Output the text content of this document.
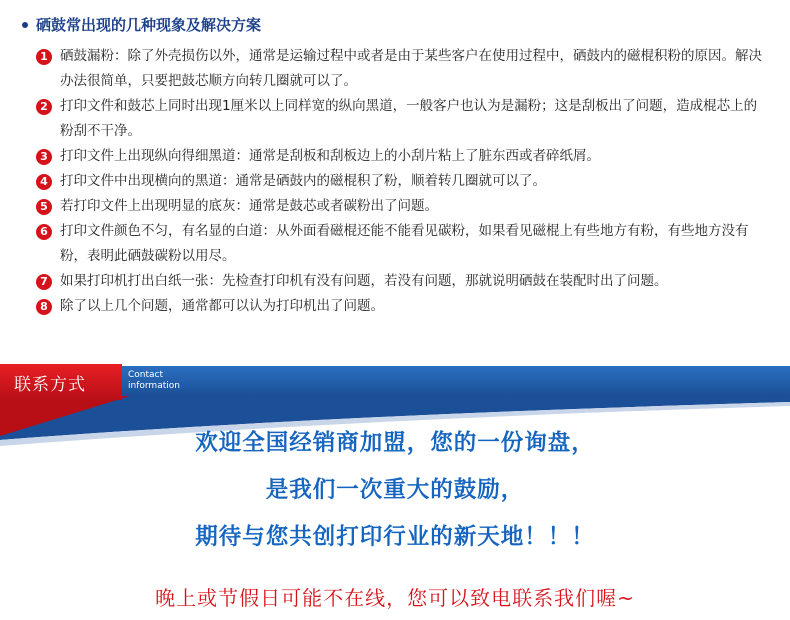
硒鼓常出现的几种现象及解决方案
1 硒鼓漏粉：除了外壳损伤以外，通常是运输过程中或者是由于某些客户在使用过程中，硒鼓内的磁棍积粉的原因。解决办法很简单，只要把鼓芯顺方向转几圈就可以了。
2 打印文件和鼓芯上同时出现1厘米以上同样宽的纵向黑道，一般客户也认为是漏粉；这是刮板出了问题，造成棍芯上的粉刮不干净。
3 打印文件上出现纵向得细黑道：通常是刮板和刮板边上的小刮片粘上了脏东西或者碎纸屑。
4 打印文件中出现横向的黑道：通常是硒鼓内的磁棍积了粉，顺着转几圈就可以了。
5 若打印文件上出现明显的底灰：通常是鼓芯或者碳粉出了问题。
6 打印文件颜色不匀，有名显的白道：从外面看磁棍还能不能看见碳粉，如果看见磁棍上有些地方有粉，有些地方没有粉，表明此硒鼓碳粉以用尽。
7 如果打印机打出白纸一张：先检查打印机有没有问题，若没有问题，那就说明硒鼓在装配时出了问题。
8 除了以上几个问题，通常都可以认为打印机出了问题。
联系方式	Contact
information
欢迎全国经销商加盟，您的一份询盘，
是我们一次重大的鼓励，
期待与您共创打印行业的新天地！！！
晚上或节假日可能不在线，您可以致电联系我们喔~
